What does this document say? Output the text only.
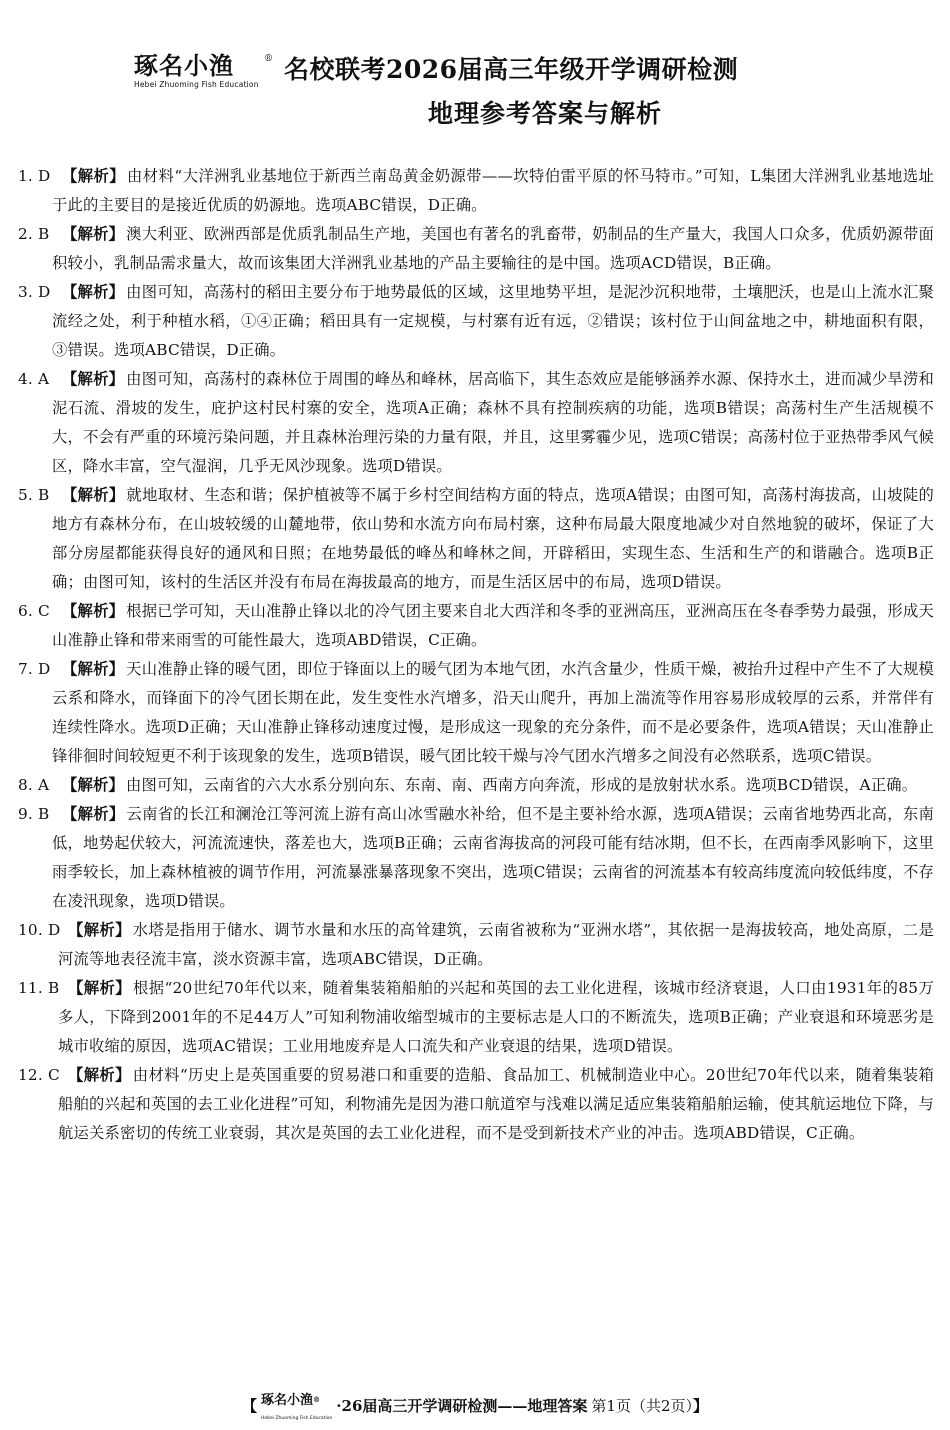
琢名小渔	®
Hebei Zhuoming Fish Education
名校联考2026届高三年级开学调研检测
地理参考答案与解析
1. D 【解析】 由材料“大洋洲乳业基地位于新西兰南岛黄金奶源带——坎特伯雷平原的怀马特市。”可知，L集团大洋洲乳业基地选址于此的主要目的是接近优质的奶源地。选项ABC错误，D正确。
2. B 【解析】 澳大利亚、欧洲西部是优质乳制品生产地，美国也有著名的乳畜带，奶制品的生产量大，我国人口众多，优质奶源带面积较小，乳制品需求量大，故而该集团大洋洲乳业基地的产品主要输往的是中国。选项ACD错误，B正确。
3. D 【解析】 由图可知，高荡村的稻田主要分布于地势最低的区域，这里地势平坦，是泥沙沉积地带，土壤肥沃，也是山上流水汇聚流经之处，利于种植水稻，①④正确；稻田具有一定规模，与村寨有近有远，②错误；该村位于山间盆地之中，耕地面积有限，③错误。选项ABC错误，D正确。
4. A 【解析】 由图可知，高荡村的森林位于周围的峰丛和峰林，居高临下，其生态效应是能够涵养水源、保持水土，进而减少旱涝和泥石流、滑坡的发生，庇护这村民村寨的安全，选项A正确；森林不具有控制疾病的功能，选项B错误；高荡村生产生活规模不大，不会有严重的环境污染问题，并且森林治理污染的力量有限，并且，这里雾霾少见，选项C错误；高荡村位于亚热带季风气候区，降水丰富，空气湿润，几乎无风沙现象。选项D错误。
5. B 【解析】 就地取材、生态和谐；保护植被等不属于乡村空间结构方面的特点，选项A错误；由图可知，高荡村海拔高，山坡陡的地方有森林分布，在山坡较缓的山麓地带，依山势和水流方向布局村寨，这种布局最大限度地减少对自然地貌的破坏，保证了大部分房屋都能获得良好的通风和日照；在地势最低的峰丛和峰林之间，开辟稻田，实现生态、生活和生产的和谐融合。选项B正确；由图可知，该村的生活区并没有布局在海拔最高的地方，而是生活区居中的布局，选项D错误。
6. C 【解析】 根据已学可知，天山准静止锋以北的冷气团主要来自北大西洋和冬季的亚洲高压，亚洲高压在冬春季势力最强，形成天山准静止锋和带来雨雪的可能性最大，选项ABD错误，C正确。
7. D 【解析】 天山准静止锋的暖气团，即位于锋面以上的暖气团为本地气团，水汽含量少，性质干燥，被抬升过程中产生不了大规模云系和降水，而锋面下的冷气团长期在此，发生变性水汽增多，沿天山爬升，再加上湍流等作用容易形成较厚的云系，并常伴有连续性降水。选项D正确；天山准静止锋移动速度过慢，是形成这一现象的充分条件，而不是必要条件，选项A错误；天山准静止锋徘徊时间较短更不利于该现象的发生，选项B错误，暖气团比较干燥与冷气团水汽增多之间没有必然联系，选项C错误。
8. A 【解析】 由图可知，云南省的六大水系分别向东、东南、南、西南方向奔流，形成的是放射状水系。选项BCD错误，A正确。
9. B 【解析】 云南省的长江和澜沧江等河流上游有高山冰雪融水补给，但不是主要补给水源，选项A错误；云南省地势西北高，东南低，地势起伏较大，河流流速快，落差也大，选项B正确；云南省海拔高的河段可能有结冰期，但不长，在西南季风影响下，这里雨季较长，加上森林植被的调节作用，河流暴涨暴落现象不突出，选项C错误；云南省的河流基本有较高纬度流向较低纬度，不存在凌汛现象，选项D错误。
10. D 【解析】 水塔是指用于储水、调节水量和水压的高耸建筑，云南省被称为“亚洲水塔”，其依据一是海拔较高，地处高原，二是河流等地表径流丰富，淡水资源丰富，选项ABC错误，D正确。
11. B 【解析】 根据“20世纪70年代以来，随着集装箱船舶的兴起和英国的去工业化进程，该城市经济衰退，人口由1931年的85万多人，下降到2001年的不足44万人”可知利物浦收缩型城市的主要标志是人口的不断流失，选项B正确；产业衰退和环境恶劣是城市收缩的原因，选项AC错误；工业用地废弃是人口流失和产业衰退的结果，选项D错误。
12. C 【解析】 由材料“历史上是英国重要的贸易港口和重要的造船、食品加工、机械制造业中心。20世纪70年代以来，随着集装箱船舶的兴起和英国的去工业化进程”可知，利物浦先是因为港口航道窄与浅难以满足适应集装箱船舶运输，使其航运地位下降，与航运关系密切的传统工业衰弱，其次是英国的去工业化进程，而不是受到新技术产业的冲击。选项ABD错误，C正确。
【 琢名小渔®
Hebei Zhuoming Fish Education·26届高三开学调研检测——地理答案 第1页（共2页）】
